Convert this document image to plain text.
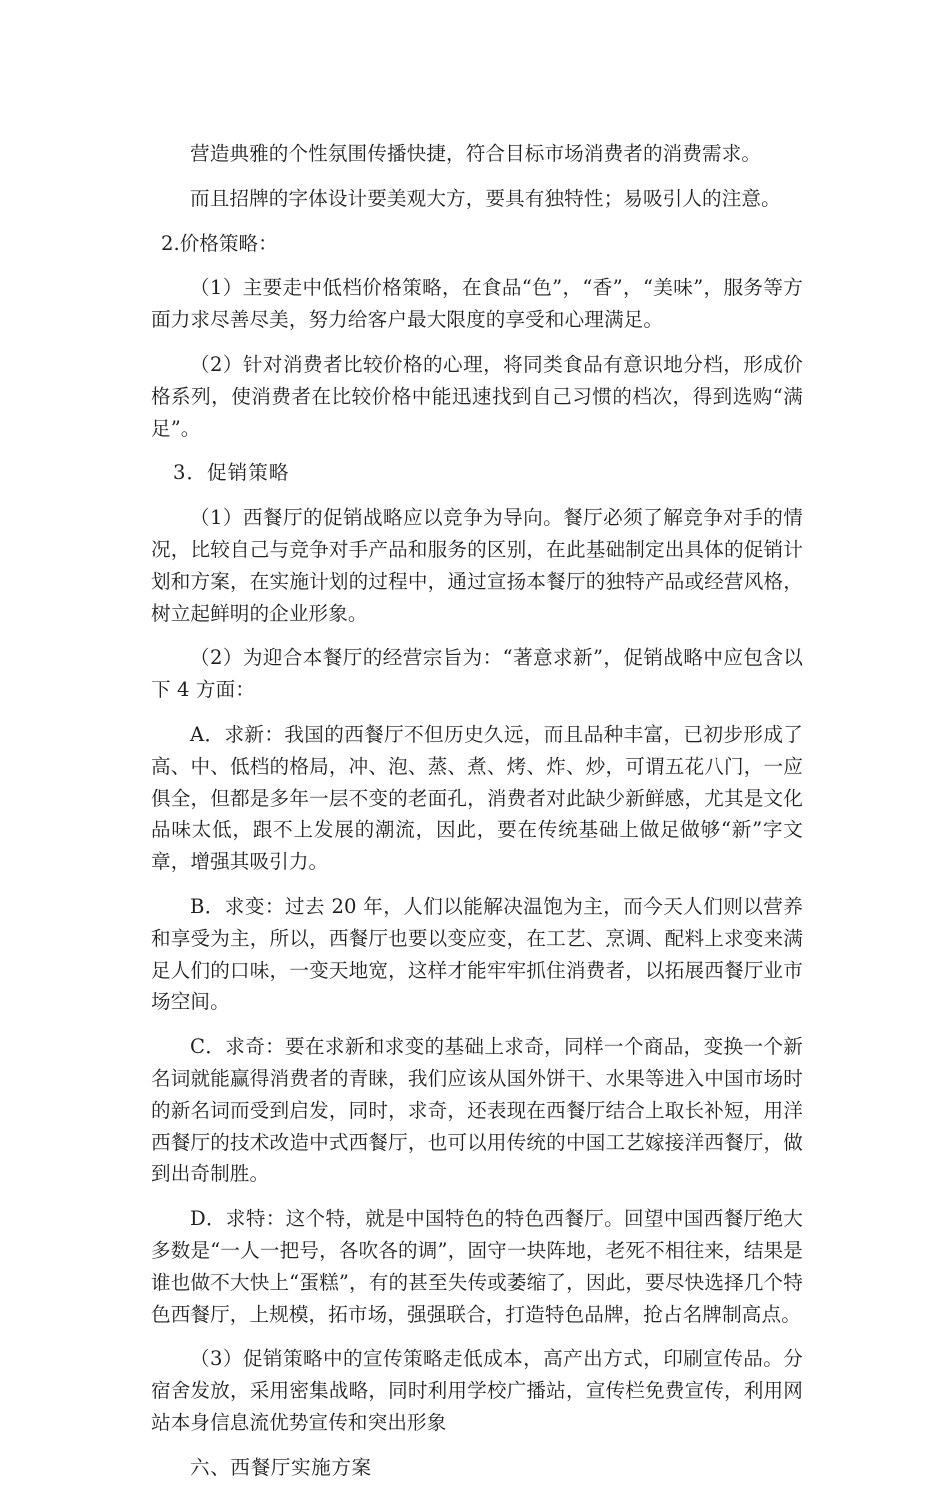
营造典雅的个性氛围传播快捷，符合目标市场消费者的消费需求。

而且招牌的字体设计要美观大方，要具有独特性；易吸引人的注意。

2.价格策略：

（1）主要走中低档价格策略，在食品“色”，“香”，“美味”，服务等方面力求尽善尽美，努力给客户最大限度的享受和心理满足。

（2）针对消费者比较价格的心理，将同类食品有意识地分档，形成价格系列，使消费者在比较价格中能迅速找到自己习惯的档次，得到选购“满足”。

3．促销策略

（1）西餐厅的促销战略应以竞争为导向。餐厅必须了解竞争对手的情况，比较自己与竞争对手产品和服务的区别，在此基础制定出具体的促销计划和方案，在实施计划的过程中，通过宣扬本餐厅的独特产品或经营风格，树立起鲜明的企业形象。

（2）为迎合本餐厅的经营宗旨为：“著意求新”，促销战略中应包含以下 4 方面：

A．求新：我国的西餐厅不但历史久远，而且品种丰富，已初步形成了高、中、低档的格局，冲、泡、蒸、煮、烤、炸、炒，可谓五花八门，一应俱全，但都是多年一层不变的老面孔，消费者对此缺少新鲜感，尤其是文化品味太低，跟不上发展的潮流，因此，要在传统基础上做足做够“新”字文章，增强其吸引力。

B．求变：过去 20 年，人们以能解决温饱为主，而今天人们则以营养和享受为主，所以，西餐厅也要以变应变，在工艺、烹调、配料上求变来满足人们的口味，一变天地宽，这样才能牢牢抓住消费者，以拓展西餐厅业市场空间。

C．求奇：要在求新和求变的基础上求奇，同样一个商品，变换一个新名词就能赢得消费者的青睐，我们应该从国外饼干、水果等进入中国市场时的新名词而受到启发，同时，求奇，还表现在西餐厅结合上取长补短，用洋西餐厅的技术改造中式西餐厅，也可以用传统的中国工艺嫁接洋西餐厅，做到出奇制胜。

D．求特：这个特，就是中国特色的特色西餐厅。回望中国西餐厅绝大多数是“一人一把号，各吹各的调”，固守一块阵地，老死不相往来，结果是谁也做不大快上“蛋糕”，有的甚至失传或萎缩了，因此，要尽快选择几个特色西餐厅，上规模，拓市场，强强联合，打造特色品牌，抢占名牌制高点。

（3）促销策略中的宣传策略走低成本，高产出方式，印刷宣传品。分宿舍发放，采用密集战略，同时利用学校广播站，宣传栏免费宣传，利用网站本身信息流优势宣传和突出形象

六、西餐厅实施方案
